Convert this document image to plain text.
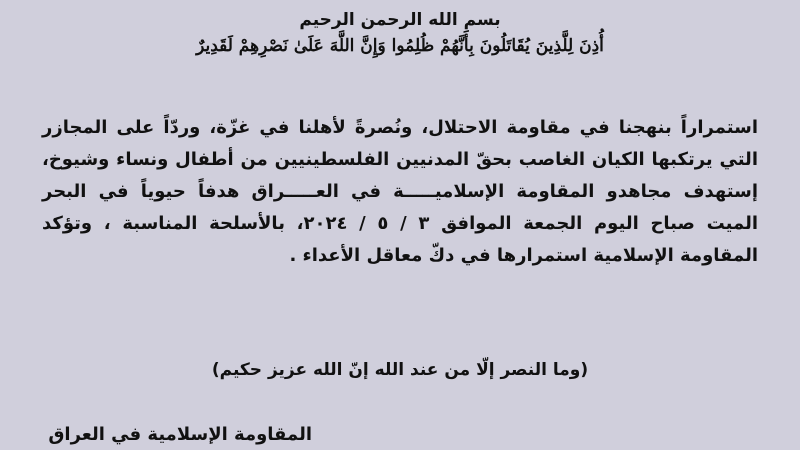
بسم الله الرحمن الرحيم
أُذِنَ لِلَّذِينَ يُقَاتَلُونَ بِأَنَّهُمْ ظُلِمُوا وَإِنَّ اللَّهَ عَلَىٰ نَصْرِهِمْ لَقَدِيرٌ
استمراراً بنهجنا في مقاومة الاحتلال، ونُصرةً لأهلنا في غزّة، وردّاً على المجازر التي يرتكبها الكيان الغاصب بحقّ المدنيين الفلسطينيين من أطفال ونساء وشيوخ، إستهدف مجاهدو المقاومة الإسلاميـــــة في العـــــراق هدفاً حيوياً في البحر الميت صباح اليوم الجمعة الموافق ٣ / ٥ / ٢٠٢٤، بالأسلحة المناسبة ، وتؤكد المقاومة الإسلامية استمرارها في دكّ معاقل الأعداء .
(وما النصر إلّا من عند الله إنّ الله عزيز حكيم)
المقاومة الإسلامية في العراق
